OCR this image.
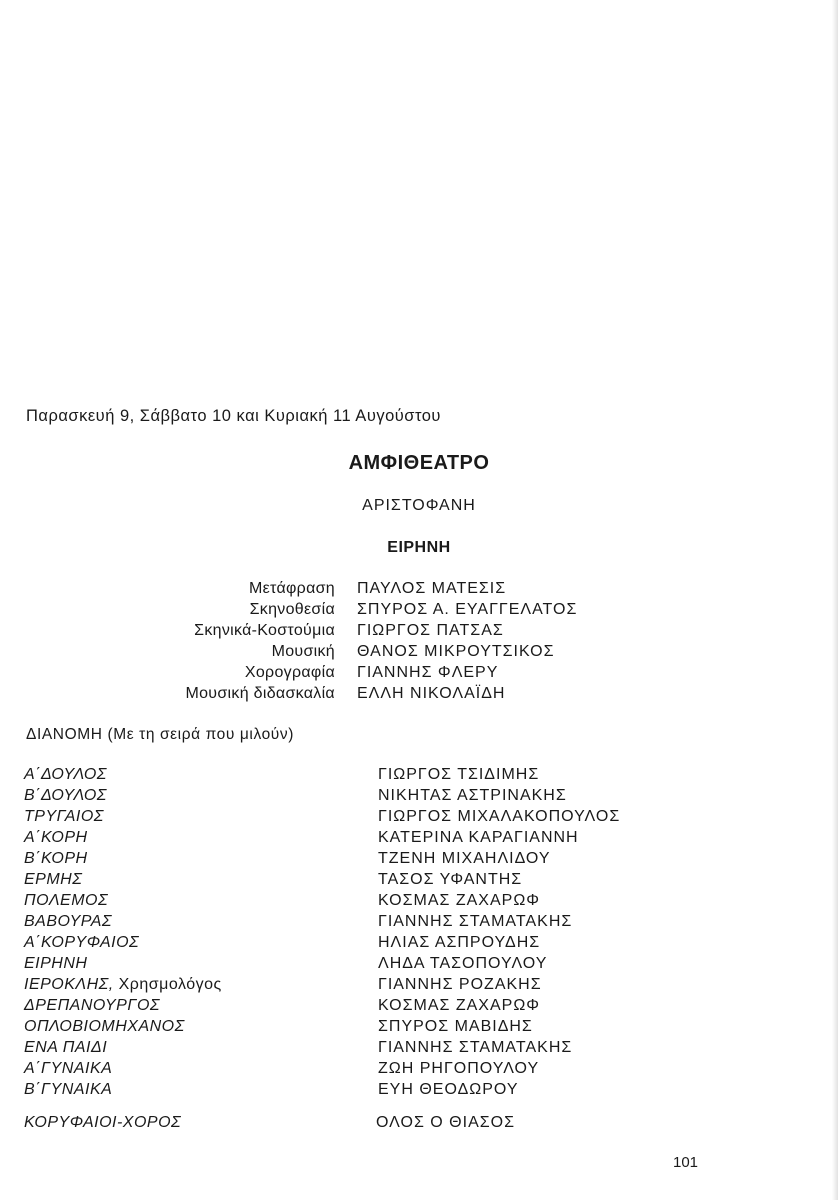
Παρασκευή 9, Σάββατο 10 και Κυριακή 11 Αυγούστου
ΑΜΦΙΘΕΑΤΡΟ
ΑΡΙΣΤΟΦΑΝΗ
ΕΙΡΗΝΗ
Μετάφραση	ΠΑΥΛΟΣ ΜΑΤΕΣΙΣ
Σκηνοθεσία	ΣΠΥΡΟΣ Α. ΕΥΑΓΓΕΛΑΤΟΣ
Σκηνικά-Κοστούμια	ΓΙΩΡΓΟΣ ΠΑΤΣΑΣ
Μουσική	ΘΑΝΟΣ ΜΙΚΡΟΥΤΣΙΚΟΣ
Χορογραφία	ΓΙΑΝΝΗΣ ΦΛΕΡΥ
Μουσική διδασκαλία	ΕΛΛΗ ΝΙΚΟΛΑΪΔΗ
ΔΙΑΝΟΜΗ (Με τη σειρά που μιλούν)
Α΄ΔΟΥΛΟΣ	ΓΙΩΡΓΟΣ ΤΣΙΔΙΜΗΣ
Β΄ΔΟΥΛΟΣ	ΝΙΚΗΤΑΣ ΑΣΤΡΙΝΑΚΗΣ
ΤΡΥΓΑΙΟΣ	ΓΙΩΡΓΟΣ ΜΙΧΑΛΑΚΟΠΟΥΛΟΣ
Α΄ΚΟΡΗ	ΚΑΤΕΡΙΝΑ ΚΑΡΑΓΙΑΝΝΗ
Β΄ΚΟΡΗ	ΤΖΕΝΗ ΜΙΧΑΗΛΙΔΟΥ
ΕΡΜΗΣ	ΤΑΣΟΣ ΥΦΑΝΤΗΣ
ΠΟΛΕΜΟΣ	ΚΟΣΜΑΣ ΖΑΧΑΡΩΦ
ΒΑΒΟΥΡΑΣ	ΓΙΑΝΝΗΣ ΣΤΑΜΑΤΑΚΗΣ
Α΄ΚΟΡΥΦΑΙΟΣ	ΗΛΙΑΣ ΑΣΠΡΟΥΔΗΣ
ΕΙΡΗΝΗ	ΛΗΔΑ ΤΑΣΟΠΟΥΛΟΥ
ΙΕΡΟΚΛΗΣ, Χρησμολόγος	ΓΙΑΝΝΗΣ ΡΟΖΑΚΗΣ
ΔΡΕΠΑΝΟΥΡΓΟΣ	ΚΟΣΜΑΣ ΖΑΧΑΡΩΦ
ΟΠΛΟΒΙΟΜΗΧΑΝΟΣ	ΣΠΥΡΟΣ ΜΑΒΙΔΗΣ
ΕΝΑ ΠΑΙΔΙ	ΓΙΑΝΝΗΣ ΣΤΑΜΑΤΑΚΗΣ
Α΄ΓΥΝΑΙΚΑ	ΖΩΗ ΡΗΓΟΠΟΥΛΟΥ
Β΄ΓΥΝΑΙΚΑ	ΕΥΗ ΘΕΟΔΩΡΟΥ
ΚΟΡΥΦΑΙΟΙ-ΧΟΡΟΣ	ΟΛΟΣ Ο ΘΙΑΣΟΣ
101
